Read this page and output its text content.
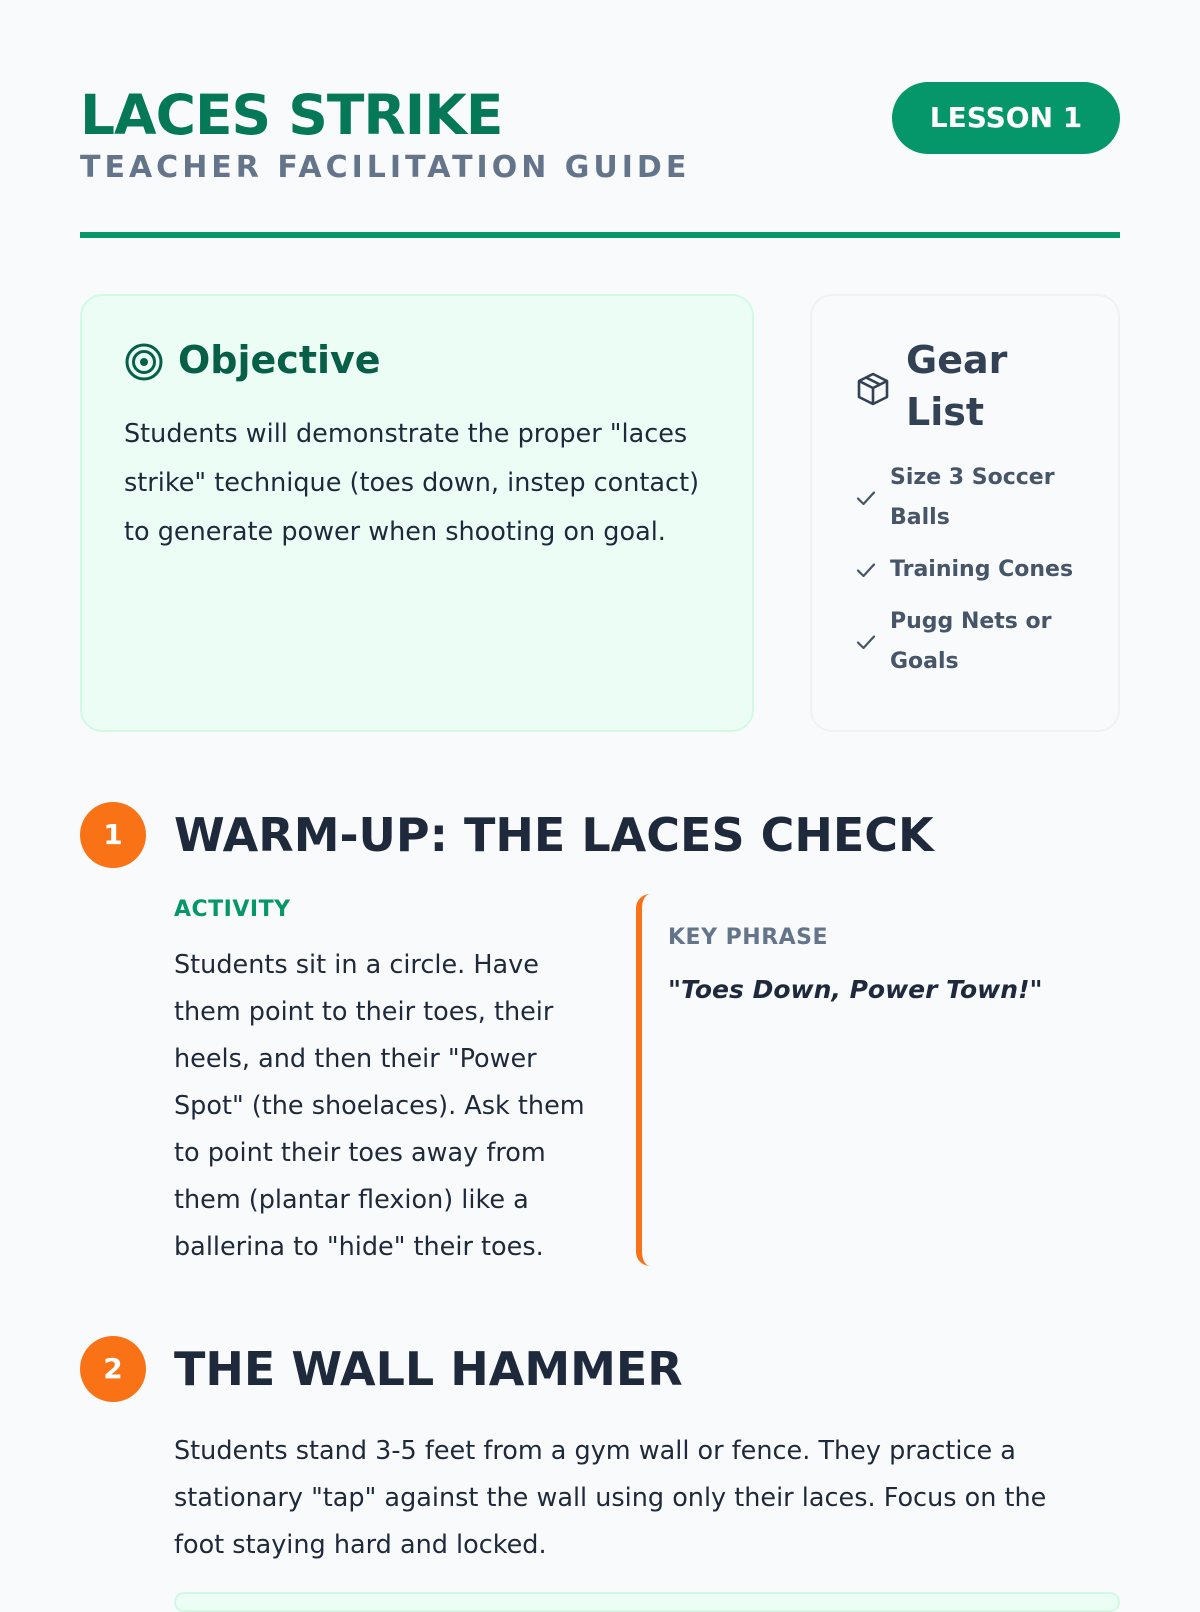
LACES STRIKE
TEACHER FACILITATION GUIDE
LESSON 1
Objective
Students will demonstrate the proper "laces strike" technique (toes down, instep contact) to generate power when shooting on goal.
Gear List
Size 3 Soccer Balls
Training Cones
Pugg Nets or Goals
1	WARM-UP: THE LACES CHECK
ACTIVITY
Students sit in a circle. Have them point to their toes, their heels, and then their "Power Spot" (the shoelaces). Ask them to point their toes away from them (plantar flexion) like a ballerina to "hide" their toes.
KEY PHRASE
"Toes Down, Power Town!"
2	THE WALL HAMMER
Students stand 3-5 feet from a gym wall or fence. They practice a stationary "tap" against the wall using only their laces. Focus on the foot staying hard and locked.
